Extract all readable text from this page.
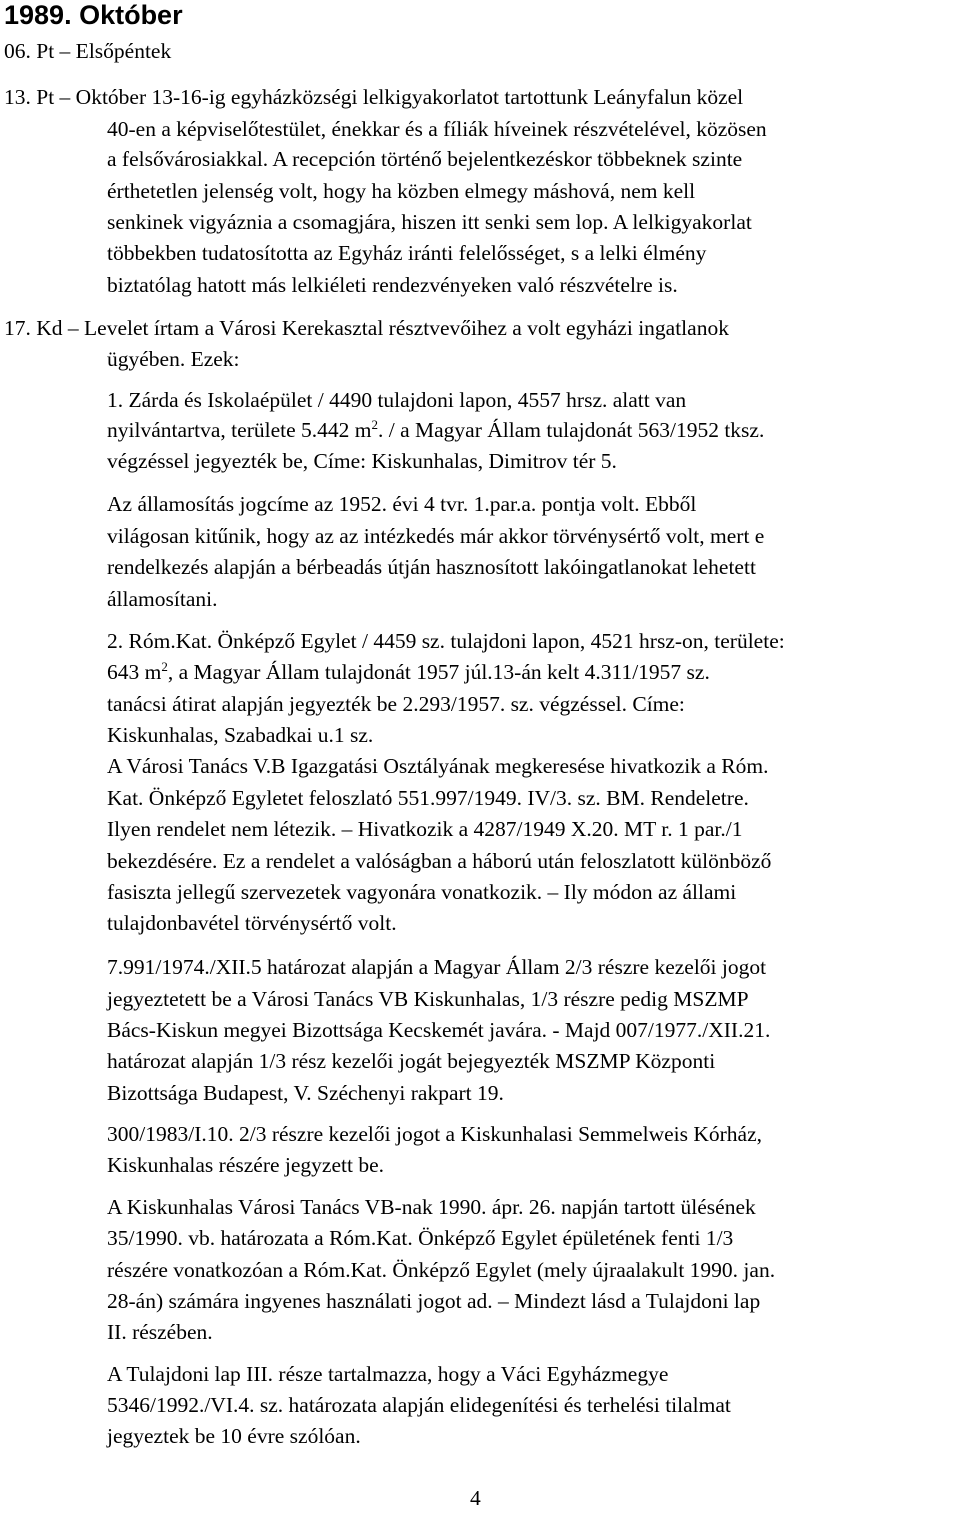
1989. Október
06. Pt – Elsőpéntek
13. Pt – Október 13-16-ig egyházközségi lelkigyakorlatot tartottunk Leányfalun közel
40-en a képviselőtestület, énekkar és a fíliák híveinek részvételével, közösen
a felsővárosiakkal. A recepción történő bejelentkezéskor többeknek szinte
érthetetlen jelenség volt, hogy ha közben elmegy máshová, nem kell
senkinek vigyáznia a csomagjára, hiszen itt senki sem lop. A lelkigyakorlat
többekben tudatosította az Egyház iránti felelősséget, s a lelki élmény
biztatólag hatott más lelkiéleti rendezvényeken való részvételre is.
17. Kd – Levelet írtam a Városi Kerekasztal résztvevőihez a volt egyházi ingatlanok
ügyében. Ezek:
1. Zárda és Iskolaépület / 4490 tulajdoni lapon, 4557 hrsz. alatt van
nyilvántartva, területe 5.442 $m^2$. / a Magyar Állam tulajdonát 563/1952 tksz.
végzéssel jegyezték be, Címe: Kiskunhalas, Dimitrov tér 5.
Az államosítás jogcíme az 1952. évi 4 tvr. 1.par.a. pontja volt. Ebből
világosan kitűnik, hogy az az intézkedés már akkor törvénysértő volt, mert e
rendelkezés alapján a bérbeadás útján hasznosított lakóingatlanokat lehetett
államosítani.
2. Róm.Kat. Önképző Egylet / 4459 sz. tulajdoni lapon, 4521 hrsz-on, területe:
643 $m^2$, a Magyar Állam tulajdonát 1957 júl.13-án kelt 4.311/1957 sz.
tanácsi átirat alapján jegyezték be 2.293/1957. sz. végzéssel. Címe:
Kiskunhalas, Szabadkai u.1 sz.
A Városi Tanács V.B Igazgatási Osztályának megkeresése hivatkozik a Róm.
Kat. Önképző Egyletet feloszlató 551.997/1949. IV/3. sz. BM. Rendeletre.
Ilyen rendelet nem létezik. – Hivatkozik a 4287/1949 X.20. MT r. 1 par./1
bekezdésére. Ez a rendelet a valóságban a háború után feloszlatott különböző
fasiszta jellegű szervezetek vagyonára vonatkozik. – Ily módon az állami
tulajdonbavétel törvénysértő volt.
7.991/1974./XII.5 határozat alapján a Magyar Állam 2/3 részre kezelői jogot
jegyeztetett be a Városi Tanács VB Kiskunhalas, 1/3 részre pedig MSZMP
Bács-Kiskun megyei Bizottsága Kecskemét javára. - Majd 007/1977./XII.21.
határozat alapján 1/3 rész kezelői jogát bejegyezték MSZMP Központi
Bizottsága Budapest, V. Széchenyi rakpart 19.
300/1983/I.10. 2/3 részre kezelői jogot a Kiskunhalasi Semmelweis Kórház,
Kiskunhalas részére jegyzett be.
A Kiskunhalas Városi Tanács VB-nak 1990. ápr. 26. napján tartott ülésének
35/1990. vb. határozata a Róm.Kat. Önképző Egylet épületének fenti 1/3
részére vonatkozóan a Róm.Kat. Önképző Egylet (mely újraalakult 1990. jan.
28-án) számára ingyenes használati jogot ad. – Mindezt lásd a Tulajdoni lap
II. részében.
A Tulajdoni lap III. része tartalmazza, hogy a Váci Egyházmegye
5346/1992./VI.4. sz. határozata alapján elidegenítési és terhelési tilalmat
jegyeztek be 10 évre szólóan.
4
